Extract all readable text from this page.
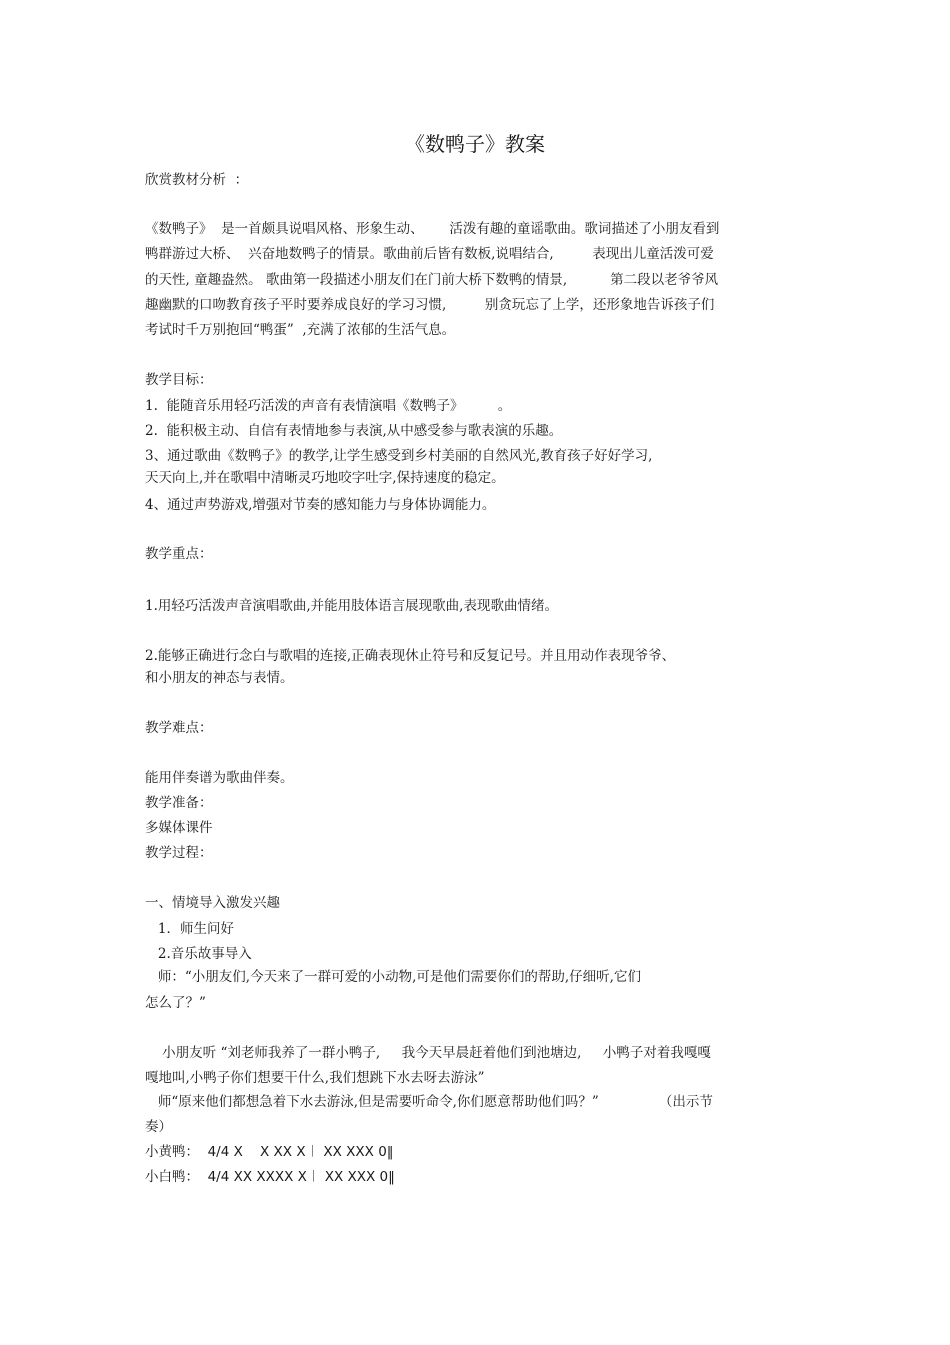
《数鸭子》教案
欣赏教材分析  ：
《数鸭子》  是一首颇具说唱风格、形象生动、      活泼有趣的童谣歌曲。歌词描述了小朋友看到
鸭群游过大桥、  兴奋地数鸭子的情景。歌曲前后皆有数板,说唱结合,         表现出儿童活泼可爱
的天性, 童趣盎然。 歌曲第一段描述小朋友们在门前大桥下数鸭的情景,          第二段以老爷爷风
趣幽默的口吻教育孩子平时要养成良好的学习习惯,         别贪玩忘了上学，还形象地告诉孩子们
考试时千万别抱回“鸭蛋”  ,充满了浓郁的生活气息。
教学目标：
1.  能随音乐用轻巧活泼的声音有表情演唱《数鸭子》        。
2.  能积极主动、自信有表情地参与表演,从中感受参与歌表演的乐趣。
3、通过歌曲《数鸭子》的教学,让学生感受到乡村美丽的自然风光,教育孩子好好学习,
天天向上,并在歌唱中清晰灵巧地咬字吐字,保持速度的稳定。
4、通过声势游戏,增强对节奏的感知能力与身体协调能力。
教学重点：
1.用轻巧活泼声音演唱歌曲,并能用肢体语言展现歌曲,表现歌曲情绪。
2.能够正确进行念白与歌唱的连接,正确表现休止符号和反复记号。并且用动作表现爷爷、
和小朋友的神态与表情。
教学难点：
能用伴奏谱为歌曲伴奏。
教学准备：
多媒体课件
教学过程：
一、情境导入激发兴趣
1．师生问好
2.音乐故事导入
师：“小朋友们,今天来了一群可爱的小动物,可是他们需要你们的帮助,仔细听,它们
怎么了？”
小朋友听 “刘老师我养了一群小鸭子,     我今天早晨赶着他们到池塘边,     小鸭子对着我嘎嘎
嘎地叫,小鸭子你们想要干什么,我们想跳下水去呀去游泳”
师“原来他们都想急着下水去游泳,但是需要听命令,你们愿意帮助他们吗？”              （出示节
奏）
小黄鸭：  4/4 X    X XX X︱ XX XXX 0‖
小白鸭：  4/4 XX XXXX X︱ XX XXX 0‖
